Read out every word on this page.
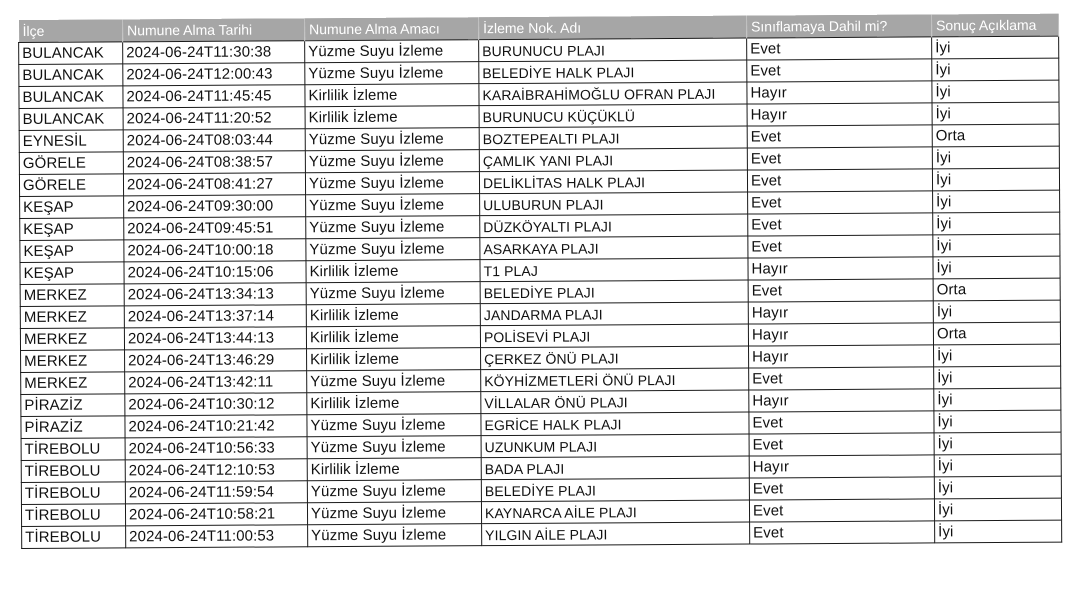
İlçe	Numune Alma Tarihi	Numune Alma Amacı	İzleme Nok. Adı	Sınıflamaya Dahil mi?	Sonuç Açıklama
BULANCAK	2024-06-24T11:30:38	Yüzme Suyu İzleme	BURUNUCU PLAJI	Evet	İyi
BULANCAK	2024-06-24T12:00:43	Yüzme Suyu İzleme	BELEDİYE HALK PLAJI	Evet	İyi
BULANCAK	2024-06-24T11:45:45	Kirlilik İzleme	KARAİBRAHİMOĞLU OFRAN PLAJI	Hayır	İyi
BULANCAK	2024-06-24T11:20:52	Kirlilik İzleme	BURUNUCU KÜÇÜKLÜ	Hayır	İyi
EYNESİL	2024-06-24T08:03:44	Yüzme Suyu İzleme	BOZTEPEALTI PLAJI	Evet	Orta
GÖRELE	2024-06-24T08:38:57	Yüzme Suyu İzleme	ÇAMLIK YANI PLAJI	Evet	İyi
GÖRELE	2024-06-24T08:41:27	Yüzme Suyu İzleme	DELİKLİTAS HALK PLAJI	Evet	İyi
KEŞAP	2024-06-24T09:30:00	Yüzme Suyu İzleme	ULUBURUN PLAJI	Evet	İyi
KEŞAP	2024-06-24T09:45:51	Yüzme Suyu İzleme	DÜZKÖYALTI PLAJI	Evet	İyi
KEŞAP	2024-06-24T10:00:18	Yüzme Suyu İzleme	ASARKAYA PLAJI	Evet	İyi
KEŞAP	2024-06-24T10:15:06	Kirlilik İzleme	T1 PLAJ	Hayır	İyi
MERKEZ	2024-06-24T13:34:13	Yüzme Suyu İzleme	BELEDİYE PLAJI	Evet	Orta
MERKEZ	2024-06-24T13:37:14	Kirlilik İzleme	JANDARMA PLAJI	Hayır	İyi
MERKEZ	2024-06-24T13:44:13	Kirlilik İzleme	POLİSEVİ PLAJI	Hayır	Orta
MERKEZ	2024-06-24T13:46:29	Kirlilik İzleme	ÇERKEZ ÖNÜ PLAJI	Hayır	İyi
MERKEZ	2024-06-24T13:42:11	Yüzme Suyu İzleme	KÖYHİZMETLERİ ÖNÜ PLAJI	Evet	İyi
PİRAZİZ	2024-06-24T10:30:12	Kirlilik İzleme	VİLLALAR ÖNÜ PLAJI	Hayır	İyi
PİRAZİZ	2024-06-24T10:21:42	Yüzme Suyu İzleme	EGRİCE HALK PLAJI	Evet	İyi
TİREBOLU	2024-06-24T10:56:33	Yüzme Suyu İzleme	UZUNKUM PLAJI	Evet	İyi
TİREBOLU	2024-06-24T12:10:53	Kirlilik İzleme	BADA PLAJI	Hayır	İyi
TİREBOLU	2024-06-24T11:59:54	Yüzme Suyu İzleme	BELEDİYE PLAJI	Evet	İyi
TİREBOLU	2024-06-24T10:58:21	Yüzme Suyu İzleme	KAYNARCA AİLE PLAJI	Evet	İyi
TİREBOLU	2024-06-24T11:00:53	Yüzme Suyu İzleme	YILGIN AİLE PLAJI	Evet	İyi
